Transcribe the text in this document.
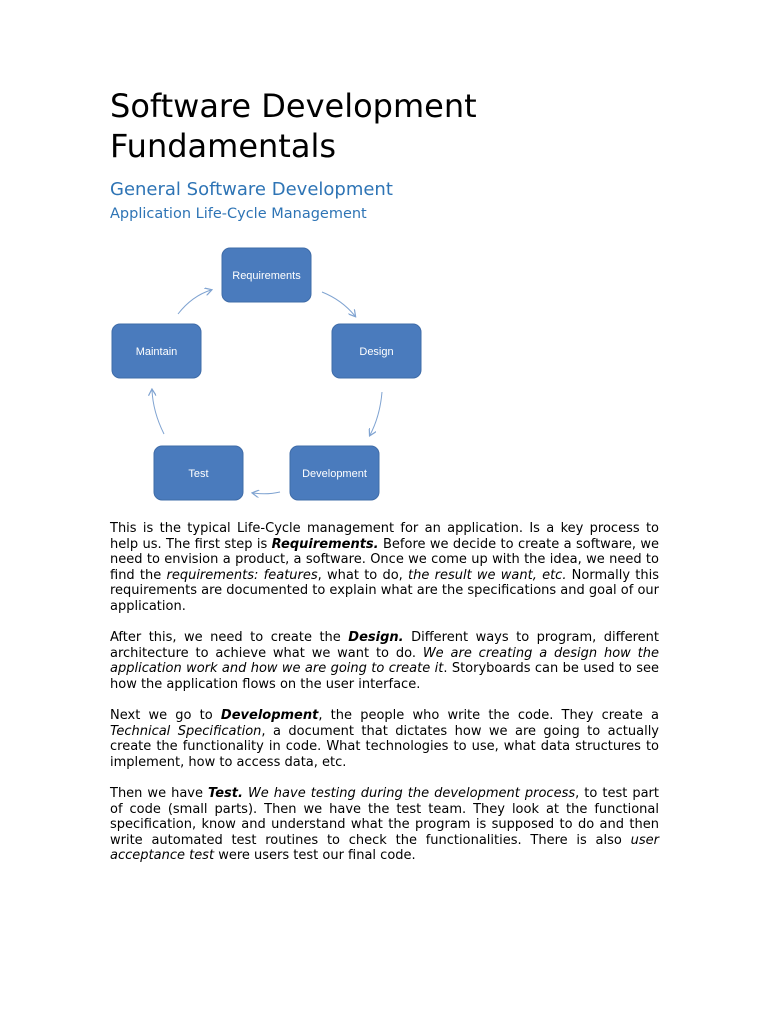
Software Development Fundamentals
General Software Development
Application Life-Cycle Management
Requirements
Design
Development
Test
Maintain

This is the typical Life-Cycle management for an application. Is a key process to help us. The first step is Requirements. Before we decide to create a software, we need to envision a product, a software. Once we come up with the idea, we need to find the requirements: features, what to do, the result we want, etc. Normally this requirements are documented to explain what are the specifications and goal of our application.

After this, we need to create the Design. Different ways to program, different architecture to achieve what we want to do. We are creating a design how the application work and how we are going to create it. Storyboards can be used to see how the application flows on the user interface.

Next we go to Development, the people who write the code. They create a Technical Specification, a document that dictates how we are going to actually create the functionality in code. What technologies to use, what data structures to implement, how to access data, etc.

Then we have Test. We have testing during the development process, to test part of code (small parts). Then we have the test team. They look at the functional specification, know and understand what the program is supposed to do and then write automated test routines to check the functionalities. There is also user acceptance test were users test our final code.
